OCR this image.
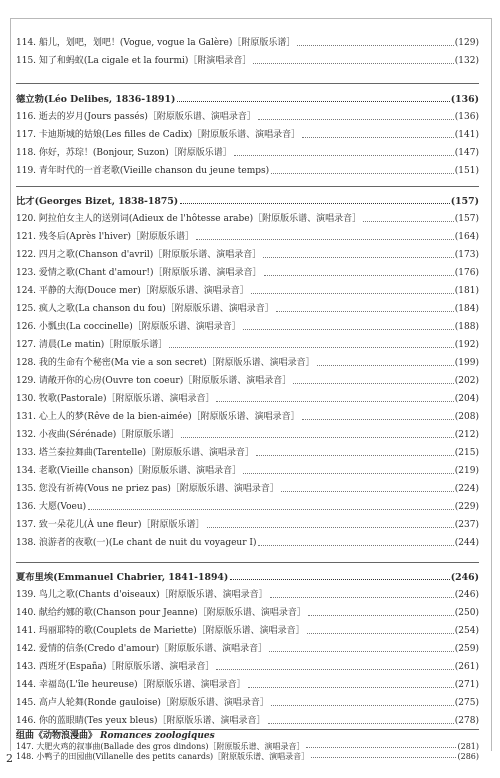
114. 船儿，划吧，划吧！(Vogue, vogue la Galère)［附原版乐谱］	(129)
115. 知了和蚂蚁(La cigale et la fourmi)［附演唱录音］	(132)
德立勃(Léo Delibes, 1836-1891)	(136)
116. 逝去的岁月(Jours passés)［附原版乐谱、演唱录音］	(136)
117. 卡迪斯城的姑娘(Les filles de Cadix)［附原版乐谱、演唱录音］	(141)
118. 你好，苏琮！(Bonjour, Suzon)［附原版乐谱］	(147)
119. 青年时代的一首老歌(Vieille chanson du jeune temps)	(151)
比才(Georges Bizet, 1838-1875)	(157)
120. 阿拉伯女主人的送别词(Adieux de l'hôtesse arabe)［附原版乐谱、演唱录音］	(157)
121. 残冬后(Après l'hiver)［附原版乐谱］	(164)
122. 四月之歌(Chanson d'avril)［附原版乐谱、演唱录音］	(173)
123. 爱情之歌(Chant d'amour!)［附原版乐谱、演唱录音］	(176)
124. 平静的大海(Douce mer)［附原版乐谱、演唱录音］	(181)
125. 疯人之歌(La chanson du fou)［附原版乐谱、演唱录音］	(184)
126. 小瓢虫(La coccinelle)［附原版乐谱、演唱录音］	(188)
127. 清晨(Le matin)［附原版乐谱］	(192)
128. 我的生命有个秘密(Ma vie a son secret)［附原版乐谱、演唱录音］	(199)
129. 请敞开你的心房(Ouvre ton coeur)［附原版乐谱、演唱录音］	(202)
130. 牧歌(Pastorale)［附原版乐谱、演唱录音］	(204)
131. 心上人的梦(Rêve de la bien-aimée)［附原版乐谱、演唱录音］	(208)
132. 小夜曲(Sérénade)［附原版乐谱］	(212)
133. 塔兰泰拉舞曲(Tarentelle)［附原版乐谱、演唱录音］	(215)
134. 老歌(Vieille chanson)［附原版乐谱、演唱录音］	(219)
135. 您没有祈祷(Vous ne priez pas)［附原版乐谱、演唱录音］	(224)
136. 大愿(Voeu)	(229)
137. 致一朵花儿(À une fleur)［附原版乐谱］	(237)
138. 浪游者的夜歌(一)(Le chant de nuit du voyageur I)	(244)
夏布里埃(Emmanuel Chabrier, 1841-1894)	(246)
139. 鸟儿之歌(Chants d'oiseaux)［附原版乐谱、演唱录音］	(246)
140. 献给约娜的歌(Chanson pour Jeanne)［附原版乐谱、演唱录音］	(250)
141. 玛丽耶特的歌(Couplets de Mariette)［附原版乐谱、演唱录音］	(254)
142. 爱情的信条(Credo d'amour)［附原版乐谱、演唱录音］	(259)
143. 西班牙(España)［附原版乐谱、演唱录音］	(261)
144. 幸福岛(L'île heureuse)［附原版乐谱、演唱录音］	(271)
145. 高卢人轮舞(Ronde gauloise)［附原版乐谱、演唱录音］	(275)
146. 你的蓝眼睛(Tes yeux bleus)［附原版乐谱、演唱录音］	(278)
组曲《动物浪漫曲》 Romances zoologiques
147. 大肥火鸡的叙事曲(Ballade des gros dindons)［附原版乐谱、演唱录音］	(281)
148. 小鸭子的田园曲(Villanelle des petits canards)［附原版乐谱、演唱录音］	(286)
2
